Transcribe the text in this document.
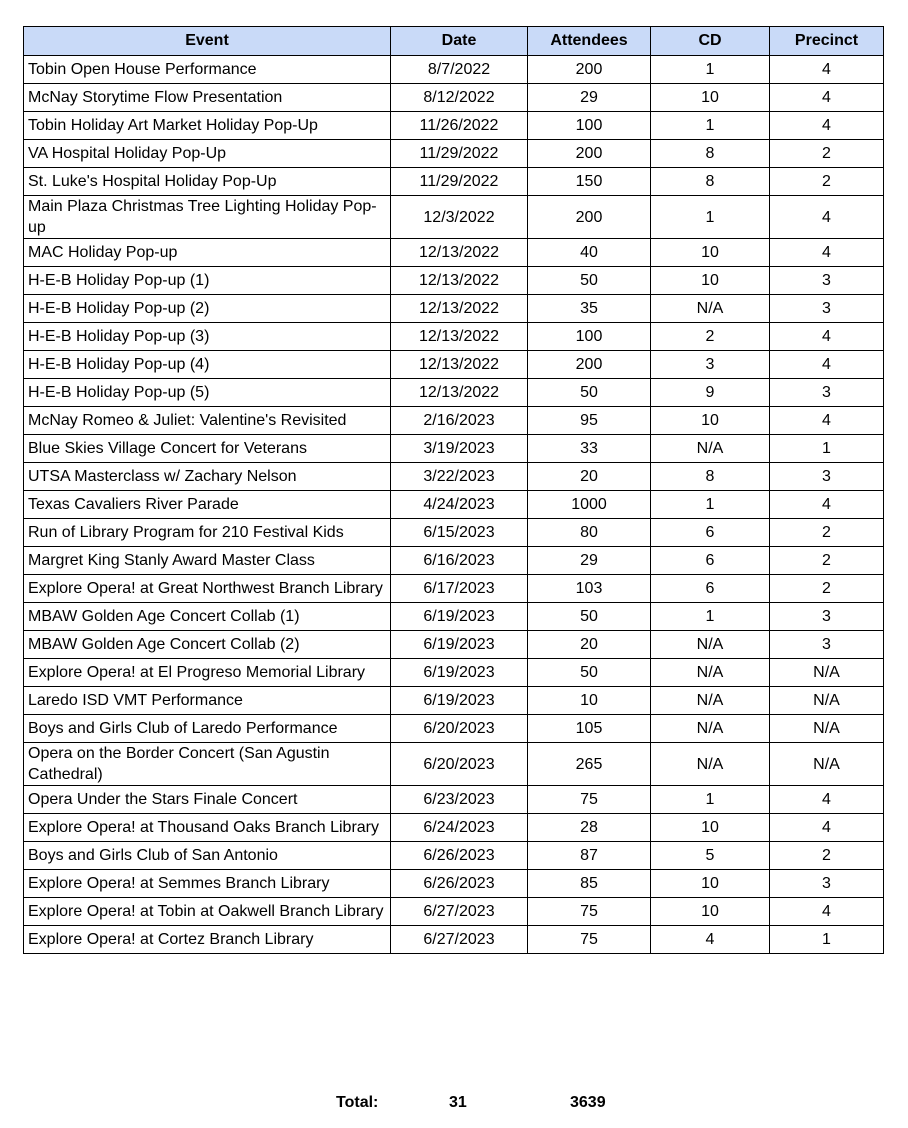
Event	Date	Attendees	CD	Precinct
Tobin Open House Performance	8/7/2022	200	1	4
McNay Storytime Flow Presentation	8/12/2022	29	10	4
Tobin Holiday Art Market Holiday Pop-Up	11/26/2022	100	1	4
VA Hospital Holiday Pop-Up	11/29/2022	200	8	2
St. Luke's Hospital Holiday Pop-Up	11/29/2022	150	8	2
Main Plaza Christmas Tree Lighting Holiday Pop-up	12/3/2022	200	1	4
MAC Holiday Pop-up	12/13/2022	40	10	4
H-E-B Holiday Pop-up (1)	12/13/2022	50	10	3
H-E-B Holiday Pop-up (2)	12/13/2022	35	N/A	3
H-E-B Holiday Pop-up (3)	12/13/2022	100	2	4
H-E-B Holiday Pop-up (4)	12/13/2022	200	3	4
H-E-B Holiday Pop-up (5)	12/13/2022	50	9	3
McNay Romeo & Juliet: Valentine's Revisited	2/16/2023	95	10	4
Blue Skies Village Concert for Veterans	3/19/2023	33	N/A	1
UTSA Masterclass w/ Zachary Nelson	3/22/2023	20	8	3
Texas Cavaliers River Parade	4/24/2023	1000	1	4
Run of Library Program for 210 Festival Kids	6/15/2023	80	6	2
Margret King Stanly Award Master Class	6/16/2023	29	6	2
Explore Opera! at Great Northwest Branch Library	6/17/2023	103	6	2
MBAW Golden Age Concert Collab (1)	6/19/2023	50	1	3
MBAW Golden Age Concert Collab (2)	6/19/2023	20	N/A	3
Explore Opera! at El Progreso Memorial Library	6/19/2023	50	N/A	N/A
Laredo ISD VMT Performance	6/19/2023	10	N/A	N/A
Boys and Girls Club of Laredo Performance	6/20/2023	105	N/A	N/A
Opera on the Border Concert (San Agustin Cathedral)	6/20/2023	265	N/A	N/A
Opera Under the Stars Finale Concert	6/23/2023	75	1	4
Explore Opera! at Thousand Oaks Branch Library	6/24/2023	28	10	4
Boys and Girls Club of San Antonio	6/26/2023	87	5	2
Explore Opera! at Semmes Branch Library	6/26/2023	85	10	3
Explore Opera! at Tobin at Oakwell Branch Library	6/27/2023	75	10	4
Explore Opera! at Cortez Branch Library	6/27/2023	75	4	1
Total:	31	3639
